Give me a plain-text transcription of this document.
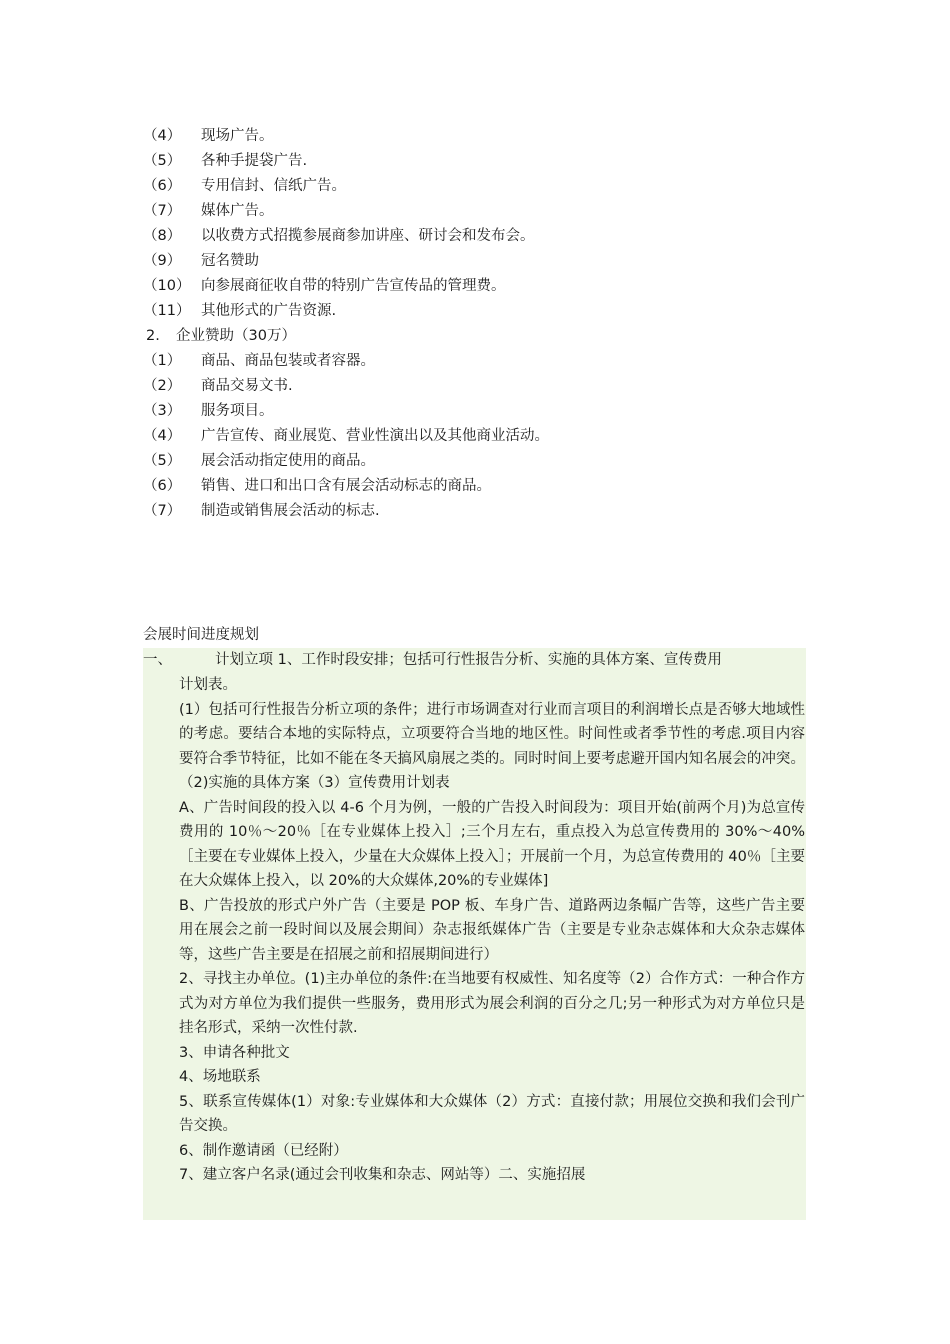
（4） 现场广告。
（5） 各种手提袋广告.
（6） 专用信封、信纸广告。
（7） 媒体广告。
（8） 以收费方式招揽参展商参加讲座、研讨会和发布会。
（9） 冠名赞助
（10） 向参展商征收自带的特别广告宣传品的管理费。
（11） 其他形式的广告资源.
2. 企业赞助（30万）
（1） 商品、商品包装或者容器。
（2） 商品交易文书.
（3） 服务项目。
（4） 广告宣传、商业展览、营业性演出以及其他商业活动。
（5） 展会活动指定使用的商品。
（6） 销售、进口和出口含有展会活动标志的商品。
（7） 制造或销售展会活动的标志.
会展时间进度规划
一、	计划立项 1、工作时段安排；包括可行性报告分析、实施的具体方案、宣传费用

计划表。

(1）包括可行性报告分析立项的条件；进行市场调查对行业而言项目的利润增长点是否够大地域性的考虑。要结合本地的实际特点，立项要符合当地的地区性。时间性或者季节性的考虑.项目内容要符合季节特征，比如不能在冬天搞风扇展之类的。同时时间上要考虑避开国内知名展会的冲突。（2)实施的具体方案（3）宣传费用计划表

A、广告时间段的投入以 4-6 个月为例，一般的广告投入时间段为：项目开始(前两个月)为总宣传费用的 10％～20％［在专业媒体上投入］;三个月左右，重点投入为总宣传费用的 30%～40%［主要在专业媒体上投入，少量在大众媒体上投入］；开展前一个月，为总宣传费用的 40％［主要在大众媒体上投入，以 20%的大众媒体,20%的专业媒体]

B、广告投放的形式户外广告（主要是 POP 板、车身广告、道路两边条幅广告等，这些广告主要用在展会之前一段时间以及展会期间）杂志报纸媒体广告（主要是专业杂志媒体和大众杂志媒体等，这些广告主要是在招展之前和招展期间进行）

2、寻找主办单位。(1)主办单位的条件:在当地要有权威性、知名度等（2）合作方式：一种合作方式为对方单位为我们提供一些服务，费用形式为展会利润的百分之几;另一种形式为对方单位只是挂名形式，采纳一次性付款.

3、申请各种批文

4、场地联系

5、联系宣传媒体(1）对象:专业媒体和大众媒体（2）方式：直接付款；用展位交换和我们会刊广告交换。

6、制作邀请函（已经附）

7、建立客户名录(通过会刊收集和杂志、网站等）二、实施招展
